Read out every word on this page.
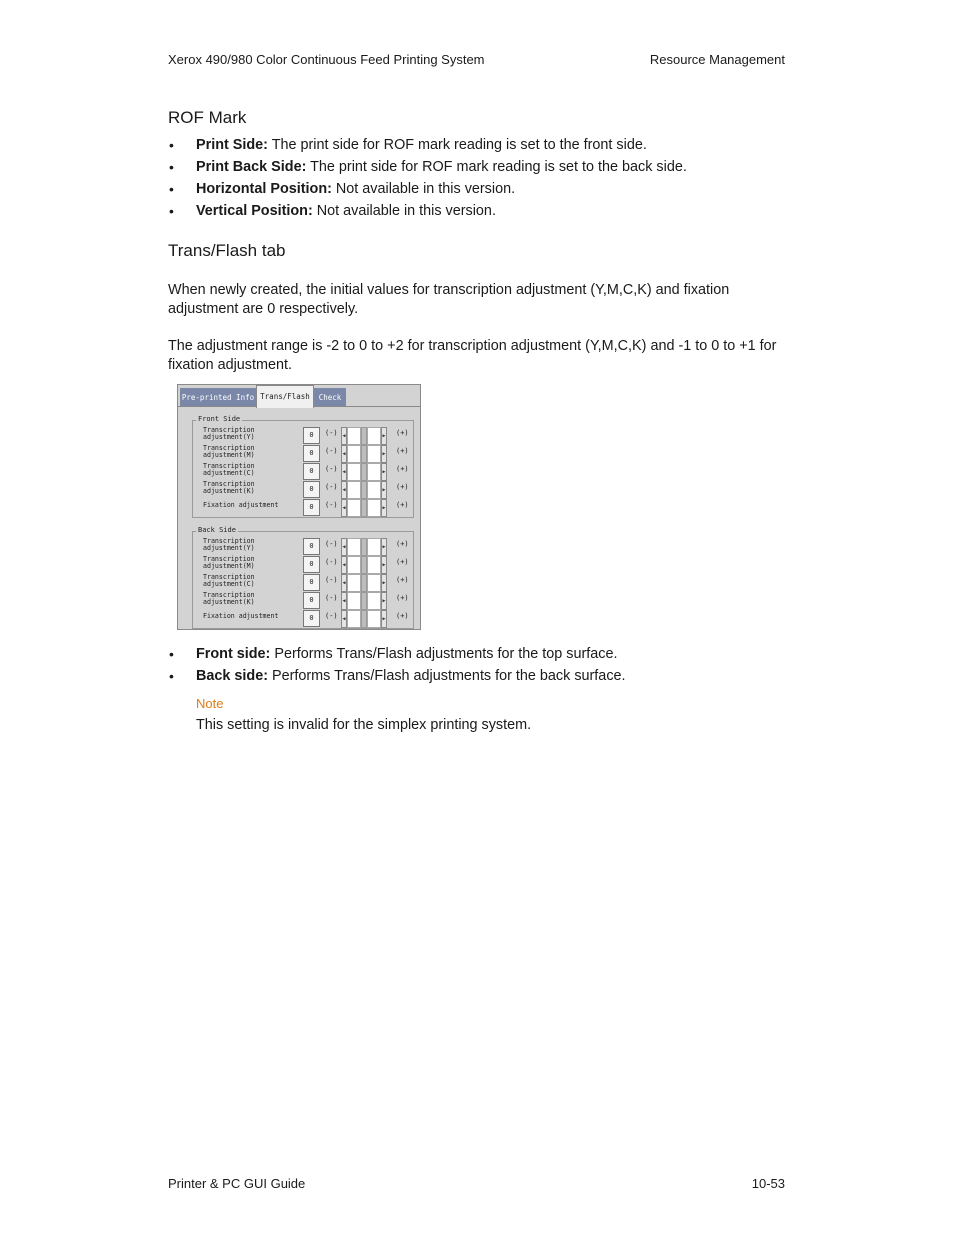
Xerox 490/980 Color Continuous Feed Printing System	Resource Management
ROF Mark
• Print Side: The print side for ROF mark reading is set to the front side.
• Print Back Side: The print side for ROF mark reading is set to the back side.
• Horizontal Position: Not available in this version.
• Vertical Position: Not available in this version.
Trans/Flash tab

When newly created, the initial values for transcription adjustment (Y,M,C,K) and fixation adjustment are 0 respectively.

The adjustment range is -2 to 0 to +2 for transcription adjustment (Y,M,C,K) and -1 to 0 to +1 for fixation adjustment.

Pre-printed Info Trans/Flash	Check
Front Side
Transcription
adjustment(Y)	0	(-) ◀	▶ (+)
Transcription
adjustment(M)	0	(-) ◀	▶ (+)
Transcription
adjustment(C)	0	(-) ◀	▶ (+)
Transcription
adjustment(K)	0	(-) ◀	▶ (+)
Fixation adjustment	0	(-) ◀	▶ (+)
Back Side
Transcription
adjustment(Y)	0	(-) ◀	▶ (+)
Transcription
adjustment(M)	0	(-) ◀	▶ (+)
Transcription
adjustment(C)	0	(-) ◀	▶ (+)
Transcription
adjustment(K)	0	(-) ◀	▶ (+)
Fixation adjustment	0	(-) ◀	▶ (+)
• Front side: Performs Trans/Flash adjustments for the top surface.
• Back side: Performs Trans/Flash adjustments for the back surface.
Note
This setting is invalid for the simplex printing system.
Printer & PC GUI Guide	10-53
